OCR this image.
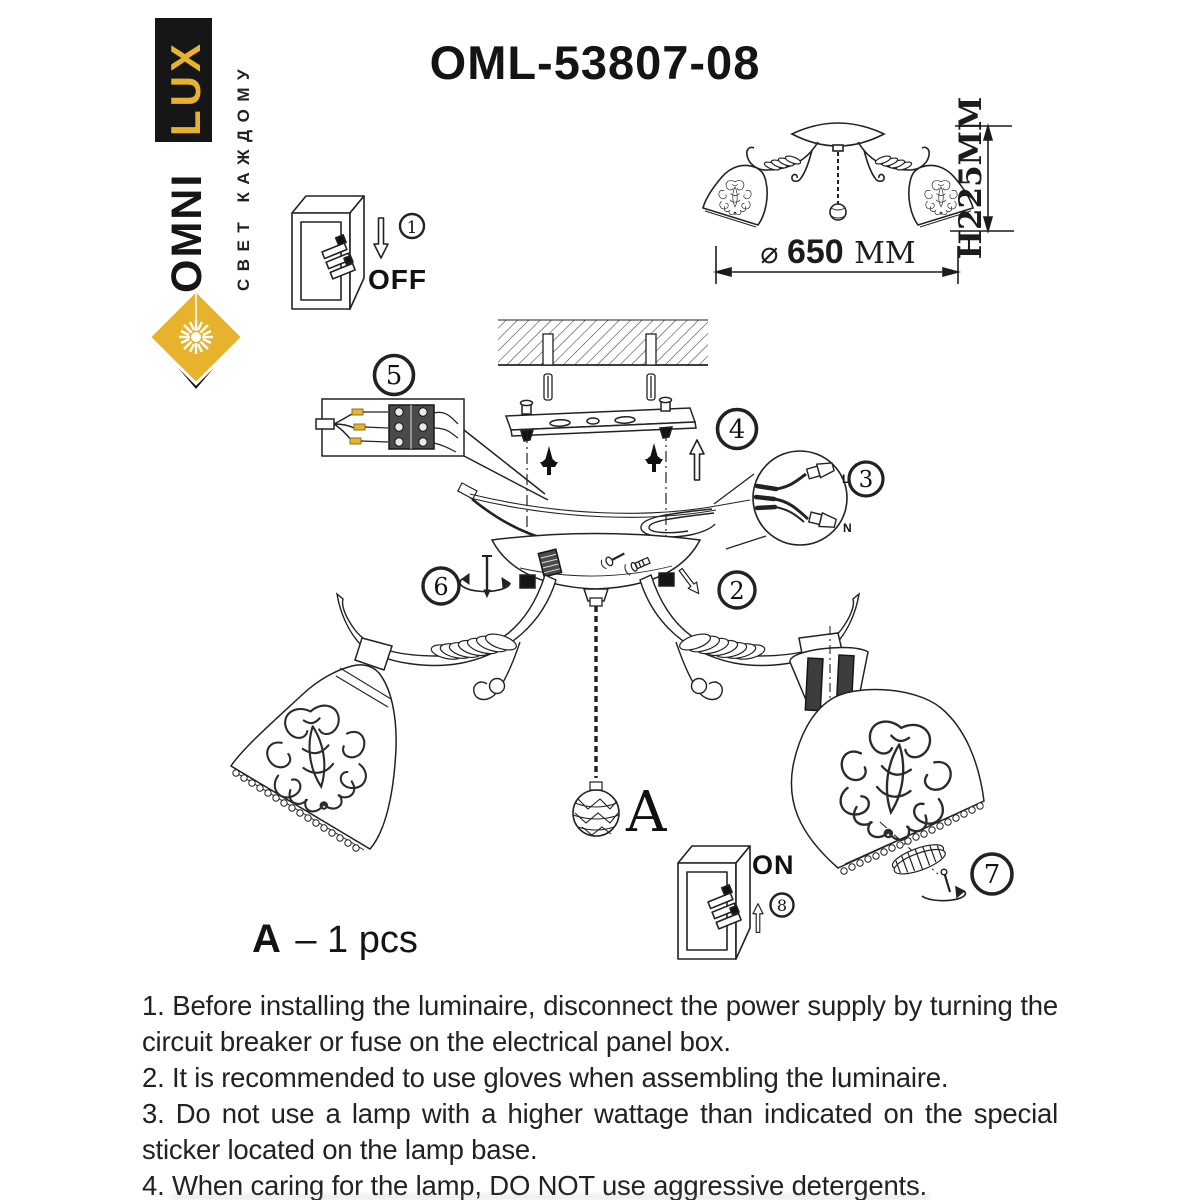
LUX
OMNI СВЕТ КАЖДОМУ	OML-53807-08
H225MM
⌀ 650 MM
1
OFF
5
4
L
N
3
A
6	2
7
ON
8
A – 1 pcs

1. Before installing the luminaire, disconnect the power supply by turning the circuit breaker or fuse on the electrical panel box.

2. It is recommended to use gloves when assembling the luminaire.

3. Do not use a lamp with a higher wattage than indicated on the special sticker located on the lamp base.

4. When caring for the lamp, DO NOT use aggressive detergents.
